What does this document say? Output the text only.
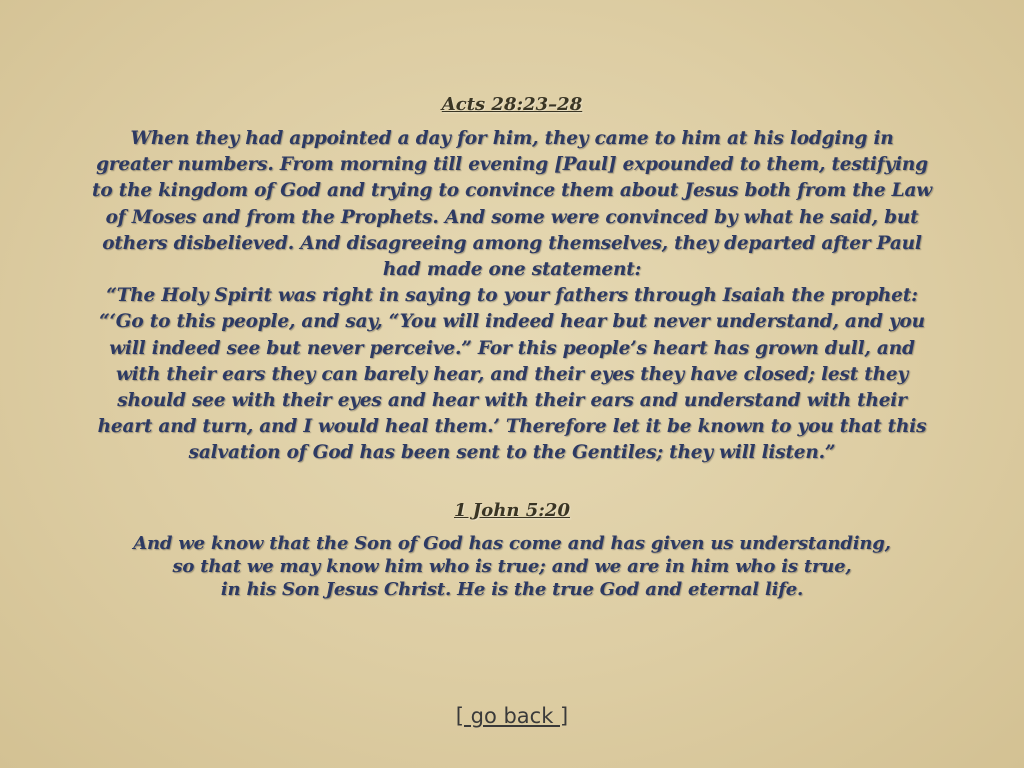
Acts 28:23–28
When they had appointed a day for him, they came to him at his lodging in
greater numbers. From morning till evening [Paul] expounded to them, testifying
to the kingdom of God and trying to convince them about Jesus both from the Law
of Moses and from the Prophets. And some were convinced by what he said, but
others disbelieved. And disagreeing among themselves, they departed after Paul
had made one statement:
“The Holy Spirit was right in saying to your fathers through Isaiah the prophet:
“‘Go to this people, and say, “You will indeed hear but never understand, and you
will indeed see but never perceive.” For this people’s heart has grown dull, and
with their ears they can barely hear, and their eyes they have closed; lest they
should see with their eyes and hear with their ears and understand with their
heart and turn, and I would heal them.’ Therefore let it be known to you that this
salvation of God has been sent to the Gentiles; they will listen.”
1 John 5:20
And we know that the Son of God has come and has given us understanding,
so that we may know him who is true; and we are in him who is true,
in his Son Jesus Christ. He is the true God and eternal life.
[ go back ]
